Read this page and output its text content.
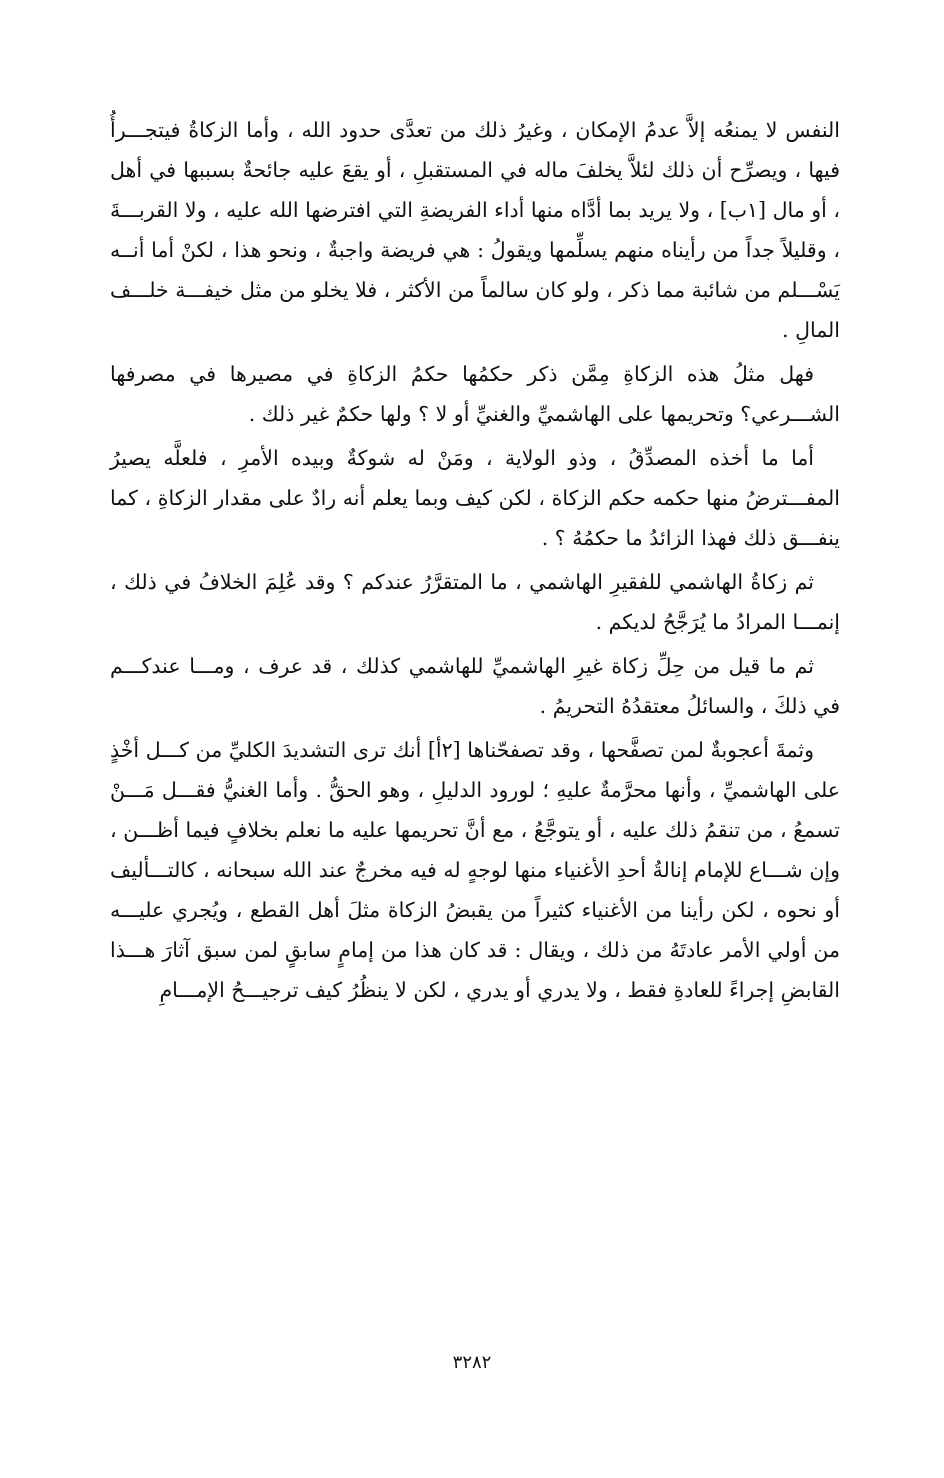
النفس لا يمنعُه إلاَّ عدمُ الإمكان ، وغيرُ ذلك من تعدَّى حدود الله ، وأما الزكاةُ فيتجـــرأُ فيها ، ويصرِّح أن ذلك لئلاَّ يخلفَ ماله في المستقبلِ ، أو يقعَ عليه جائحةٌ بسببها في أهل ، أو مال [١ب] ، ولا يريد بما أدَّاه منها أداء الفريضةِ التي افترضها الله عليه ، ولا القربـــةَ ، وقليلاً جداً من رأيناه منهم يسلِّمها ويقولُ : هي فريضة واجبةٌ ، ونحو هذا ، لكنْ أما أنــه يَسْـــلم من شائبة مما ذكر ، ولو كان سالماً من الأكثر ، فلا يخلو من مثل خيفـــة خلـــف المالِ .

فهل مثلُ هذه الزكاةِ مِمَّن ذكر حكمُها حكمُ الزكاةِ في مصيرها في مصرفها الشـــرعي؟ وتحريمها على الهاشميِّ والغنيِّ أو لا ؟ ولها حكمٌ غير ذلك .

أما ما أخذه المصدِّقُ ، وذو الولاية ، ومَنْ له شوكةٌ وبيده الأمرِ ، فلعلَّه يصيرُ المفـــترضُ منها حكمه حكم الزكاة ، لكن كيف وبما يعلم أنه رادٌ على مقدار الزكاةِ ، كما ينفـــق ذلك فهذا الزائدُ ما حكمُهُ ؟ .

ثم زكاةُ الهاشمي للفقيرِ الهاشمي ، ما المتقرَّرُ عندكم ؟ وقد عُلِمَ الخلافُ في ذلك ، إنمـــا المرادُ ما يُرَجَّحُ لديكم .

ثم ما قيل من حِلِّ زكاة غيرِ الهاشميِّ للهاشمي كذلك ، قد عرف ، ومـــا عندكـــم في ذلكَ ، والسائلُ معتقدُهُ التحريمُ .

وثمةَ أعجوبةٌ لمن تصفَّحها ، وقد تصفحّناها [٢أ] أنك ترى التشديدَ الكليِّ من كـــل أخْذٍ على الهاشميِّ ، وأنها محرَّمةٌ عليهِ ؛ لورود الدليلِ ، وهو الحقُّ . وأما الغنيُّ فقـــل مَـــنْ تسمعُ ، من تنقمُ ذلك عليه ، أو يتوجَّعُ ، مع أنَّ تحريمها عليه ما نعلم بخلافٍ فيما أظـــن ، وإن شـــاع للإمام إنالةُ أحدِ الأغنياء منها لوجهٍ له فيه مخرجٌ عند الله سبحانه ، كالتـــأليف أو نحوه ، لكن رأينا من الأغنياء كثيراً من يقبضُ الزكاة مثلَ أهل القطع ، ويُجري عليـــه من أولي الأمر عادتَهُ من ذلك ، ويقال : قد كان هذا من إمامٍ سابقٍ لمن سبق آثارَ هـــذا القابضِ إجراءً للعادةِ فقط ، ولا يدري أو يدري ، لكن لا ينظُرُ كيف ترجيـــحُ الإمـــامِ

٣٢٨٢
